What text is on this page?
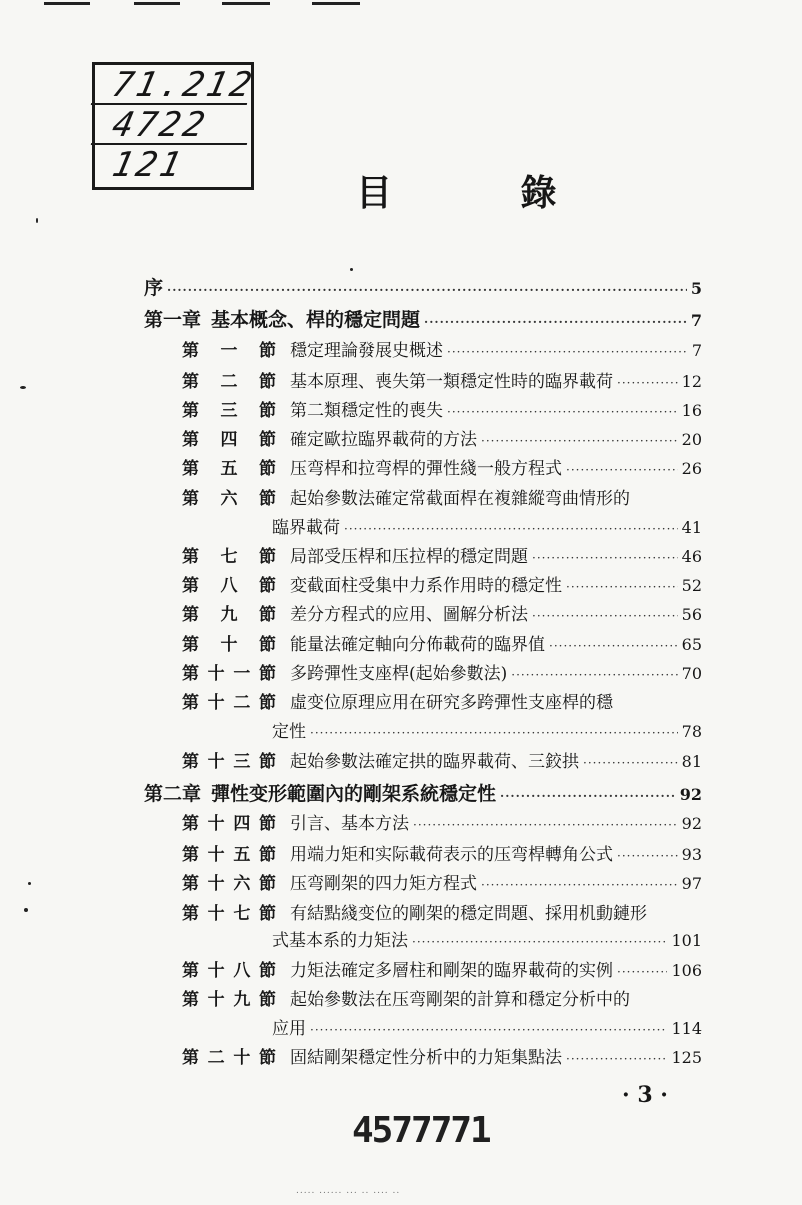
71.212
4722
121
目 錄
序 ·····	5
第一章 基本概念、桿的穩定問題 ·····	7
第 一 節 穩定理論發展史概述 ·····	7
第 二 節 基本原理、喪失第一類穩定性時的臨界載荷 ·····	12
第 三 節 第二類穩定性的喪失 ·····	16
第 四 節 確定歐拉臨界載荷的方法 ·····	20
第 五 節 压弯桿和拉弯桿的彈性綫一般方程式 ·····	26
第 六 節 起始參數法確定常截面桿在複雜縱弯曲情形的
臨界載荷 ·····	41
第 七 節 局部受压桿和压拉桿的穩定問題 ·····	46
第 八 節 変截面柱受集中力系作用時的穩定性 ·····	52
第 九 節 差分方程式的应用、圖解分析法 ·····	56
第 十 節 能量法確定軸向分佈載荷的臨界值 ·····	65
第十一節 多跨彈性支座桿(起始參數法) ·····	70
第十二節 虛变位原理应用在研究多跨彈性支座桿的穩
定性 ·····	78
第十三節 起始參數法確定拱的臨界載荷、三鉸拱 ·····	81
第二章 彈性变形範圍內的剛架系統穩定性 ·····	92
第十四節 引言、基本方法 ·····	92
第十五節 用端力矩和实际載荷表示的压弯桿轉角公式 ·····	93
第十六節 压弯剛架的四力矩方程式 ·····	97
第十七節 有結點綫变位的剛架的穩定問題、採用机動鏈形
式基本系的力矩法 ·····	101
第十八節 力矩法確定多層柱和剛架的臨界載荷的实例 ·····	106
第十九節 起始參數法在压弯剛架的計算和穩定分析中的
应用 ·····	114
第二十節 固結剛架穩定性分析中的力矩集點法 ·····	125
· 3 ·
4577771
..... ...... ... .. .... ..
